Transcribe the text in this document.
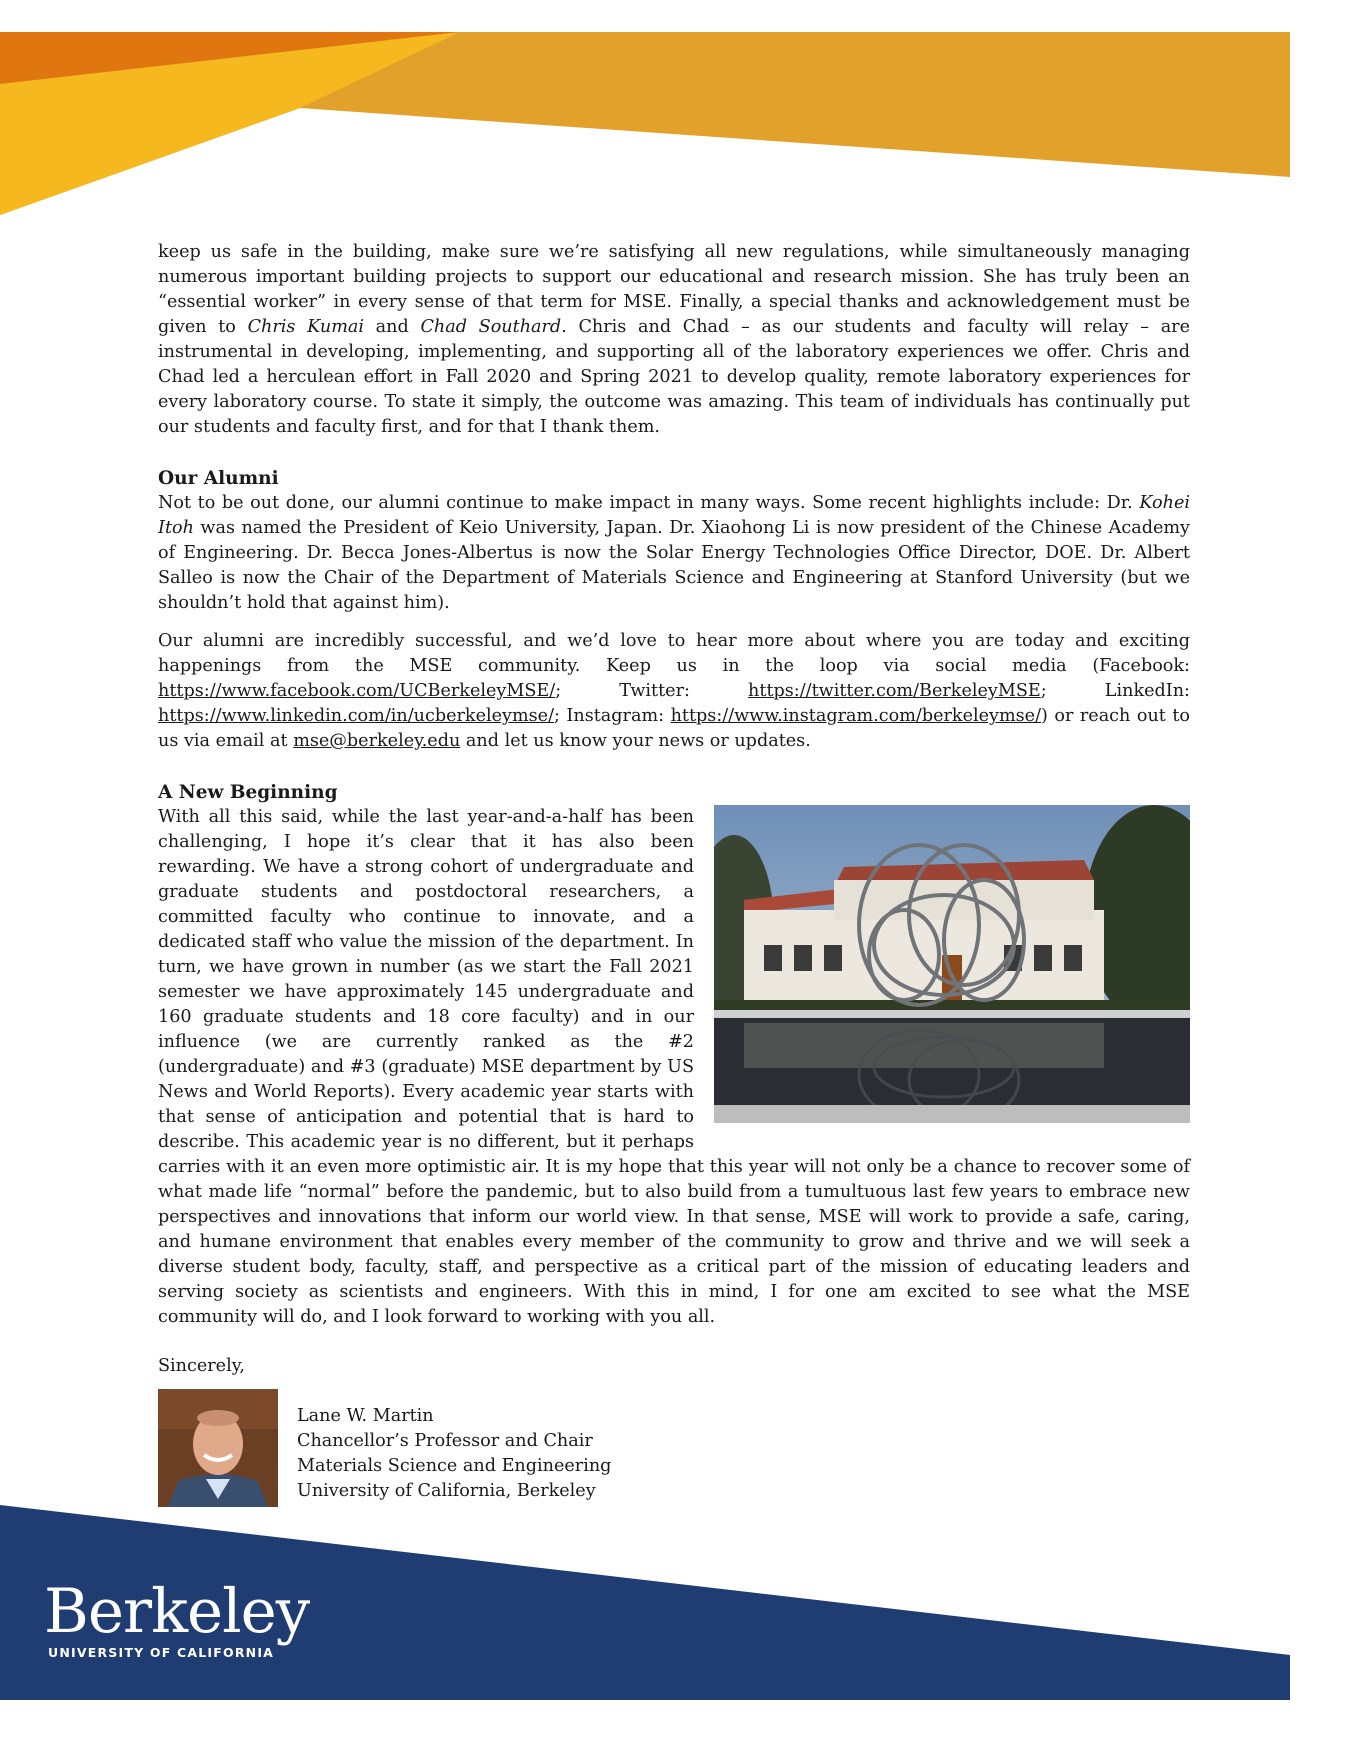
keep us safe in the building, make sure we’re satisfying all new regulations, while simultaneously managing numerous important building projects to support our educational and research mission. She has truly been an “essential worker” in every sense of that term for MSE. Finally, a special thanks and acknowledgement must be given to Chris Kumai and Chad Southard. Chris and Chad – as our students and faculty will relay – are instrumental in developing, implementing, and supporting all of the laboratory experiences we offer. Chris and Chad led a herculean effort in Fall 2020 and Spring 2021 to develop quality, remote laboratory experiences for every laboratory course. To state it simply, the outcome was amazing. This team of individuals has continually put our students and faculty first, and for that I thank them.

Our Alumni

Not to be out done, our alumni continue to make impact in many ways. Some recent highlights include: Dr. Kohei Itoh was named the President of Keio University, Japan. Dr. Xiaohong Li is now president of the Chinese Academy of Engineering. Dr. Becca Jones-Albertus is now the Solar Energy Technologies Office Director, DOE. Dr. Albert Salleo is now the Chair of the Department of Materials Science and Engineering at Stanford University (but we shouldn’t hold that against him).

Our alumni are incredibly successful, and we’d love to hear more about where you are today and exciting happenings from the MSE community. Keep us in the loop via social media (Facebook: https://www.facebook.com/UCBerkeleyMSE/; Twitter: https://twitter.com/BerkeleyMSE; LinkedIn: https://www.linkedin.com/in/ucberkeleymse/; Instagram: https://www.instagram.com/berkeleymse/) or reach out to us via email at mse@berkeley.edu and let us know your news or updates.

A New Beginning

With all this said, while the last year-and-a-half has been challenging, I hope it’s clear that it has also been rewarding. We have a strong cohort of undergraduate and graduate students and postdoctoral researchers, a committed faculty who continue to innovate, and a dedicated staff who value the mission of the department. In turn, we have grown in number (as we start the Fall 2021 semester we have approximately 145 undergraduate and 160 graduate students and 18 core faculty) and in our influence (we are currently ranked as the #2 (undergraduate) and #3 (graduate) MSE department by US News and World Reports). Every academic year starts with that sense of anticipation and potential that is hard to describe. This academic year is no different, but it perhaps carries with it an even more optimistic air. It is my hope that this year will not only be a chance to recover some of what made life “normal” before the pandemic, but to also build from a tumultuous last few years to embrace new perspectives and innovations that inform our world view. In that sense, MSE will work to provide a safe, caring, and humane environment that enables every member of the community to grow and thrive and we will seek a diverse student body, faculty, staff, and perspective as a critical part of the mission of educating leaders and serving society as scientists and engineers. With this in mind, I for one am excited to see what the MSE community will do, and I look forward to working with you all.

Sincerely,
Lane W. Martin
Chancellor’s Professor and Chair
Materials Science and Engineering
University of California, Berkeley
Berkeley
UNIVERSITY OF CALIFORNIA
